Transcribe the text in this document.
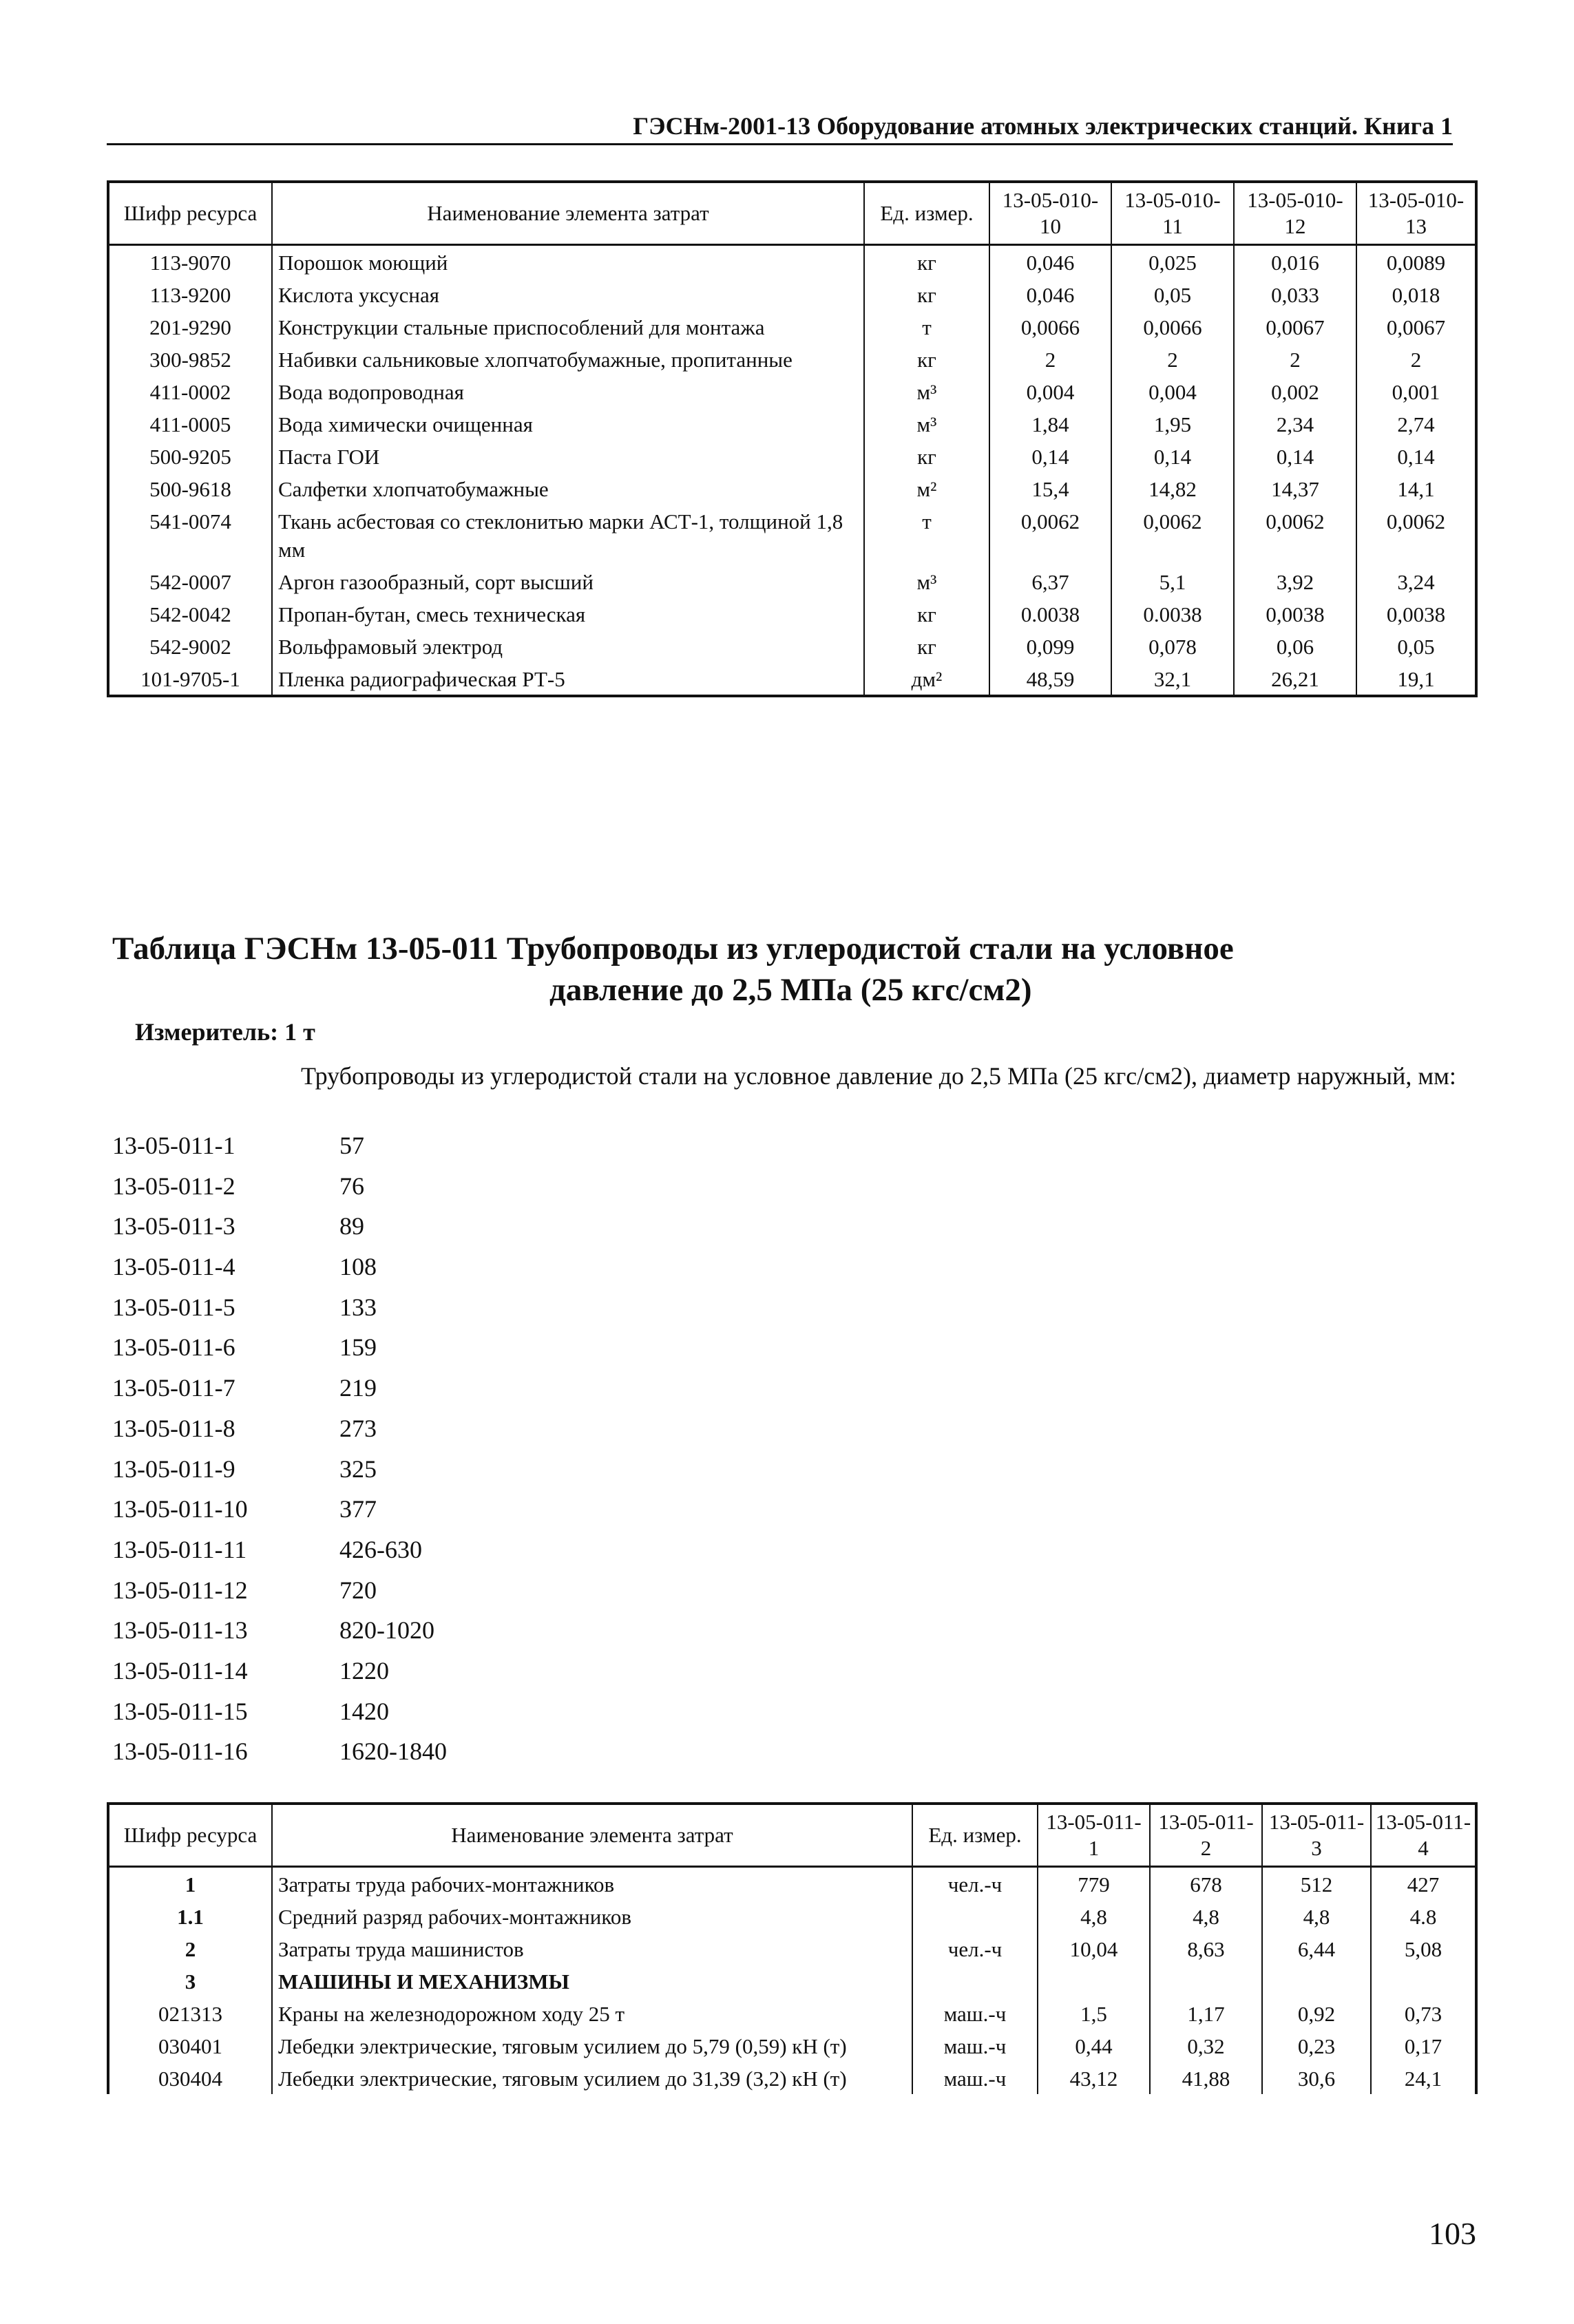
ГЭСНм-2001-13 Оборудование атомных электрических станций. Книга 1
Шифр ресурса	Наименование элемента затрат	Ед. измер.	13-05-010-10	13-05-010-11	13-05-010-12	13-05-010-13
113-9070	Порошок моющий	кг	0,046	0,025	0,016	0,0089
113-9200	Кислота уксусная	кг	0,046	0,05	0,033	0,018
201-9290	Конструкции стальные приспособлений для монтажа	т	0,0066	0,0066	0,0067	0,0067
300-9852	Набивки сальниковые хлопчатобумажные, пропитанные	кг	2	2	2	2
411-0002	Вода водопроводная	м³	0,004	0,004	0,002	0,001
411-0005	Вода химически очищенная	м³	1,84	1,95	2,34	2,74
500-9205	Паста ГОИ	кг	0,14	0,14	0,14	0,14
500-9618	Салфетки хлопчатобумажные	м²	15,4	14,82	14,37	14,1
541-0074	Ткань асбестовая со стеклонитью марки АСТ-1, толщиной 1,8 мм	т	0,0062	0,0062	0,0062	0,0062
542-0007	Аргон газообразный, сорт высший	м³	6,37	5,1	3,92	3,24
542-0042	Пропан-бутан, смесь техническая	кг	0.0038	0.0038	0,0038	0,0038
542-9002	Вольфрамовый электрод	кг	0,099	0,078	0,06	0,05
101-9705-1	Пленка радиографическая РТ-5	дм²	48,59	32,1	26,21	19,1
Таблица ГЭСНм 13-05-011 Трубопроводы из углеродистой стали на условное
давление до 2,5 МПа (25 кгс/см2)
Измеритель: 1 т
Трубопроводы из углеродистой стали на условное давление до 2,5 МПа (25 кгс/см2), диаметр наружный, мм:
13-05-011-1	57
13-05-011-2	76
13-05-011-3	89
13-05-011-4	108
13-05-011-5	133
13-05-011-6	159
13-05-011-7	219
13-05-011-8	273
13-05-011-9	325
13-05-011-10	377
13-05-011-11	426-630
13-05-011-12	720
13-05-011-13	820-1020
13-05-011-14	1220
13-05-011-15	1420
13-05-011-16	1620-1840
Шифр ресурса	Наименование элемента затрат	Ед. измер.	13-05-011-1	13-05-011-2	13-05-011-3	13-05-011-4
1	Затраты труда рабочих-монтажников	чел.-ч	779	678	512	427
1.1	Средний разряд рабочих-монтажников		4,8	4,8	4,8	4.8
2	Затраты труда машинистов	чел.-ч	10,04	8,63	6,44	5,08
3	МАШИНЫ И МЕХАНИЗМЫ					
021313	Краны на железнодорожном ходу 25 т	маш.-ч	1,5	1,17	0,92	0,73
030401	Лебедки электрические, тяговым усилием до 5,79 (0,59) кН (т)	маш.-ч	0,44	0,32	0,23	0,17
030404	Лебедки электрические, тяговым усилием до 31,39 (3,2) кН (т)	маш.-ч	43,12	41,88	30,6	24,1
103
